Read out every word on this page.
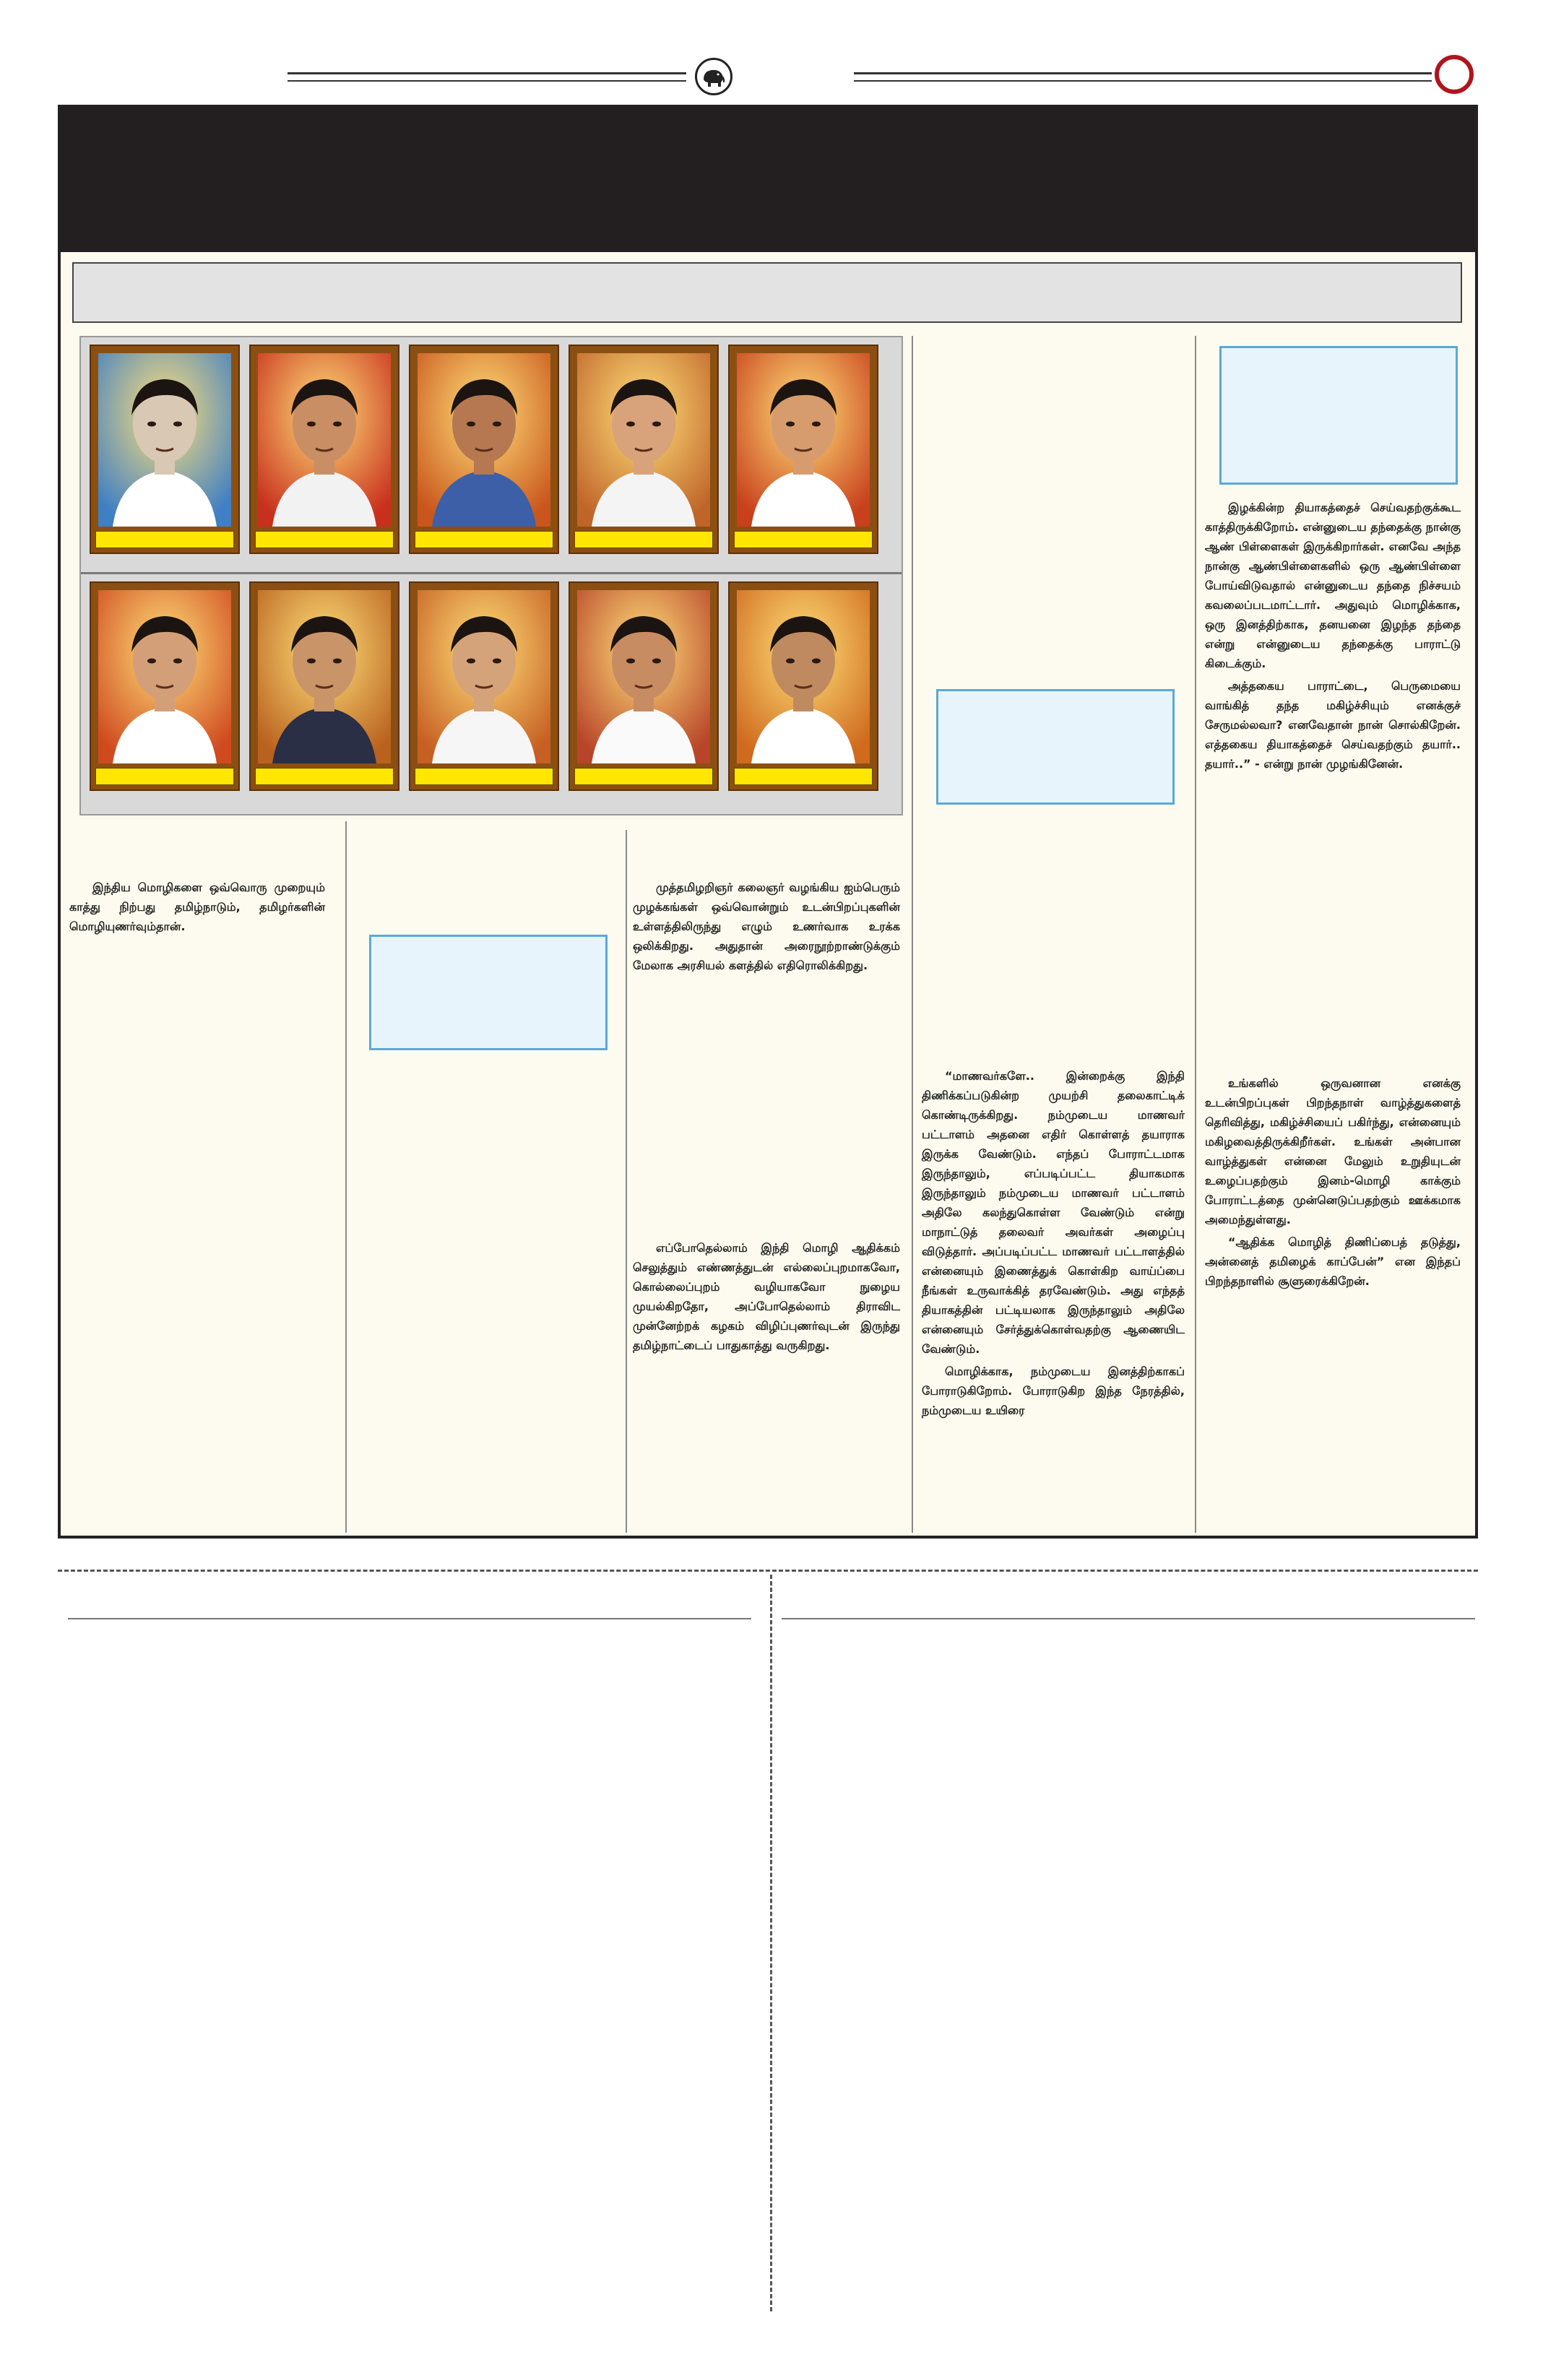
இந்திய மொழிகளை ஒவ்வொரு முறையும் காத்து நிற்பது தமிழ்நாடும், தமிழர்களின் மொழியுணர்வும்தான்.

முத்தமிழறிஞர் கலைஞர் வழங்கிய ஐம்பெரும் முழக்கங்கள் ஒவ்வொன்றும் உடன்பிறப்புகளின் உள்ளத்திலிருந்து எழும் உணர்வாக உரக்க ஒலிக்கிறது. அதுதான் அரைநூற்றாண்டுக்கும் மேலாக அரசியல் களத்தில் எதிரொலிக்கிறது.

எப்போதெல்லாம் இந்தி மொழி ஆதிக்கம் செலுத்தும் எண்ணத்துடன் எல்லைப்புறமாகவோ, கொல்லைப்புறம் வழியாகவோ நுழைய முயல்கிறதோ, அப்போதெல்லாம் திராவிட முன்னேற்றக் கழகம் விழிப்புணர்வுடன் இருந்து தமிழ்நாட்டைப் பாதுகாத்து வருகிறது.

“மாணவர்களே.. இன்றைக்கு இந்தி திணிக்கப்படுகின்ற முயற்சி தலைகாட்டிக் கொண்டிருக்கிறது. நம்முடைய மாணவர் பட்டாளம் அதனை எதிர் கொள்ளத் தயாராக இருக்க வேண்டும். எந்தப் போராட்டமாக இருந்தாலும், எப்படிப்பட்ட தியாகமாக இருந்தாலும் நம்முடைய மாணவர் பட்டாளம் அதிலே கலந்துகொள்ள வேண்டும் என்று மாநாட்டுத் தலைவர் அவர்கள் அழைப்பு விடுத்தார். அப்படிப்பட்ட மாணவர் பட்டாளத்தில் என்னையும் இணைத்துக் கொள்கிற வாய்ப்பை நீங்கள் உருவாக்கித் தரவேண்டும். அது எந்தத் தியாகத்தின் பட்டியலாக இருந்தாலும் அதிலே என்னையும் சேர்த்துக்கொள்வதற்கு ஆணையிட வேண்டும்.

மொழிக்காக, நம்முடைய இனத்திற்காகப் போராடுகிறோம். போராடுகிற இந்த நேரத்தில், நம்முடைய உயிரை

இழக்கின்ற தியாகத்தைச் செய்வதற்குக்கூட காத்திருக்கிறோம். என்னுடைய தந்தைக்கு நான்கு ஆண் பிள்ளைகள் இருக்கிறார்கள். எனவே அந்த நான்கு ஆண்பிள்ளைகளில் ஒரு ஆண்பிள்ளை போய்விடுவதால் என்னுடைய தந்தை நிச்சயம் கவலைப்படமாட்டார். அதுவும் மொழிக்காக, ஒரு இனத்திற்காக, தனயனை இழந்த தந்தை என்று என்னுடைய தந்தைக்கு பாராட்டு கிடைக்கும்.

அத்தகைய பாராட்டை, பெருமையை வாங்கித் தந்த மகிழ்ச்சியும் எனக்குச் சேருமல்லவா? எனவேதான் நான் சொல்கிறேன். எத்தகைய தியாகத்தைச் செய்வதற்கும் தயார்.. தயார்..” - என்று நான் முழங்கினேன்.

உங்களில் ஒருவனான எனக்கு உடன்பிறப்புகள் பிறந்தநாள் வாழ்த்துகளைத் தெரிவித்து, மகிழ்ச்சியைப் பகிர்ந்து, என்னையும் மகிழவைத்திருக்கிறீர்கள். உங்கள் அன்பான வாழ்த்துகள் என்னை மேலும் உறுதியுடன் உழைப்பதற்கும் இனம்-மொழி காக்கும் போராட்டத்தை முன்னெடுப்பதற்கும் ஊக்கமாக அமைந்துள்ளது.

“ஆதிக்க மொழித் திணிப்பைத் தடுத்து, அன்னைத் தமிழைக் காப்பேன்” என இந்தப் பிறந்தநாளில் சூளுரைக்கிறேன்.
